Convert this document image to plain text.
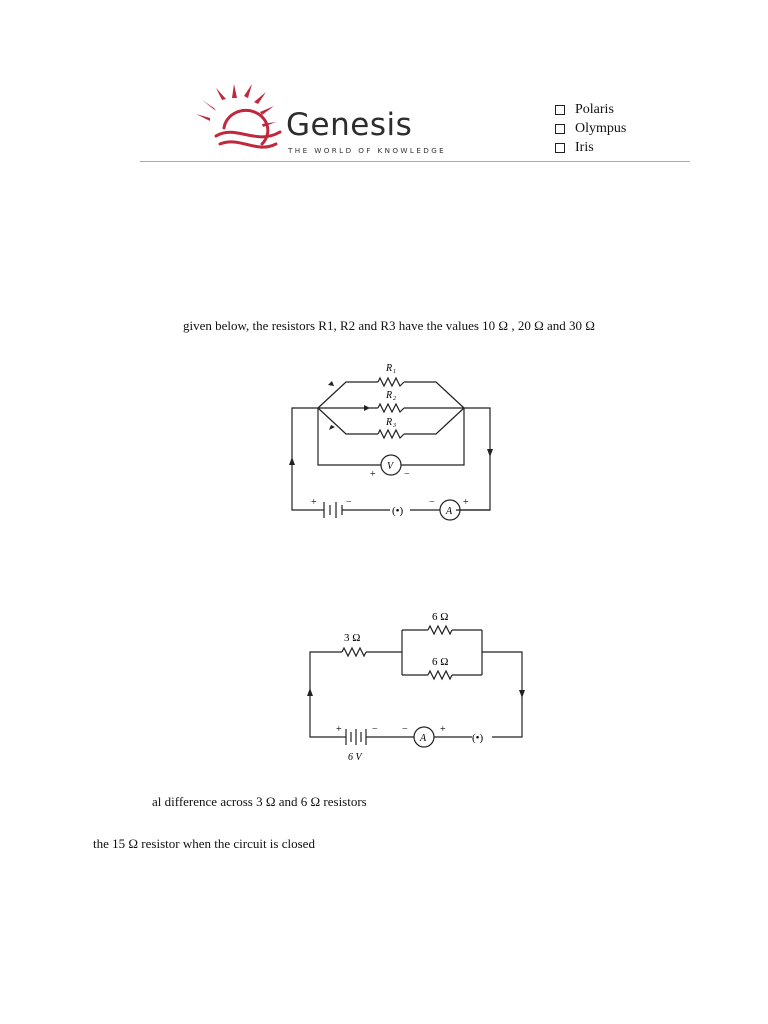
Genesis
THE WORLD OF KNOWLEDGE
Polaris
Olympus
Iris
given below, the resistors R1, R2 and R3 have the values 10 Ω , 20 Ω and 30 Ω
R 1
R 2
R 3
V
+	−
+	−
(•)	A
−	+
3 Ω
6 Ω
6 Ω
+	−
6 V
A
−	+
(•)
al difference across 3 Ω and 6 Ω resistors
the 15 Ω resistor when the circuit is closed
